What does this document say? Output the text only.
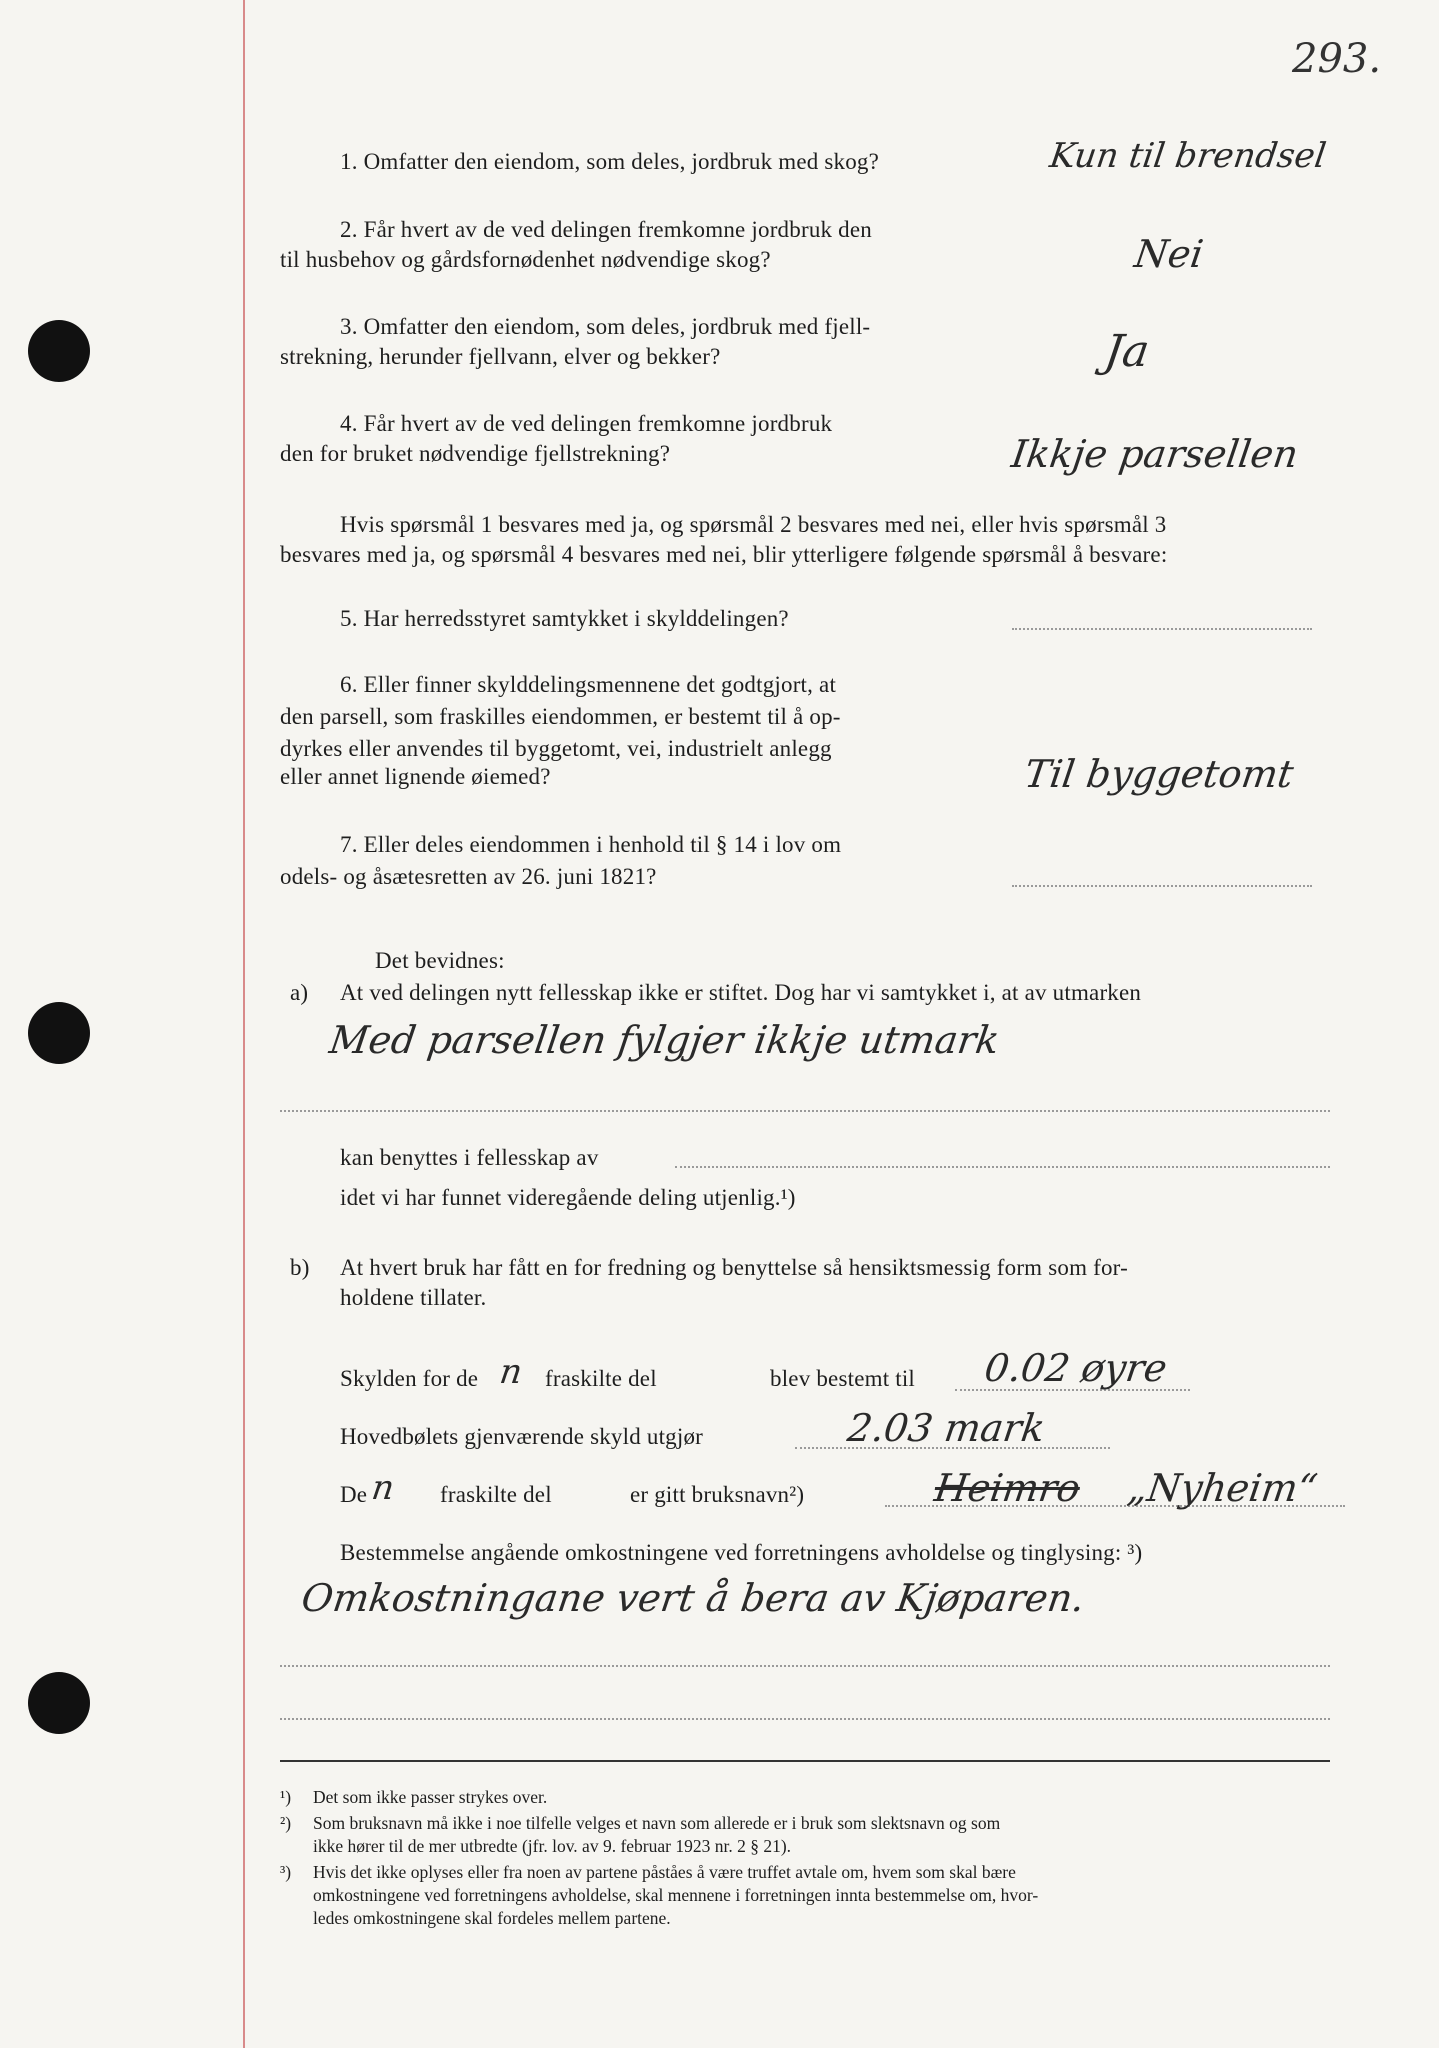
293.
1. Omfatter den eiendom, som deles, jordbruk med skog?	Kun til brendsel
2. Får hvert av de ved delingen fremkomne jordbruk den
til husbehov og gårdsfornødenhet nødvendige skog?	Nei
3. Omfatter den eiendom, som deles, jordbruk med fjell-
strekning, herunder fjellvann, elver og bekker?	Ja
4. Får hvert av de ved delingen fremkomne jordbruk
den for bruket nødvendige fjellstrekning?	Ikkje parsellen
Hvis spørsmål 1 besvares med ja, og spørsmål 2 besvares med nei, eller hvis spørsmål 3
besvares med ja, og spørsmål 4 besvares med nei, blir ytterligere følgende spørsmål å besvare:
5. Har herredsstyret samtykket i skylddelingen?
6. Eller finner skylddelingsmennene det godtgjort, at
den parsell, som fraskilles eiendommen, er bestemt til å op-
dyrkes eller anvendes til byggetomt, vei, industrielt anlegg
eller annet lignende øiemed?	Til byggetomt
7. Eller deles eiendommen i henhold til § 14 i lov om
odels- og åsætesretten av 26. juni 1821?
Det bevidnes:
a) At ved delingen nytt fellesskap ikke er stiftet. Dog har vi samtykket i, at av utmarken
Med parsellen fylgjer ikkje utmark
kan benyttes i fellesskap av
idet vi har funnet videregående deling utjenlig.¹)
b) At hvert bruk har fått en for fredning og benyttelse så hensiktsmessig form som for-
holdene tillater.
Skylden for de n fraskilte del	blev bestemt til 0.02 øyre
Hovedbølets gjenværende skyld utgjør	2.03 mark
De n fraskilte del	er gitt bruksnavn²)	Heimro „Nyheim“
Bestemmelse angående omkostningene ved forretningens avholdelse og tinglysing: ³)
Omkostningane vert å bera av Kjøparen.
¹) Det som ikke passer strykes over.
²) Som bruksnavn må ikke i noe tilfelle velges et navn som allerede er i bruk som slektsnavn og som
ikke hører til de mer utbredte (jfr. lov. av 9. februar 1923 nr. 2 § 21).
³) Hvis det ikke oplyses eller fra noen av partene påståes å være truffet avtale om, hvem som skal bære
omkostningene ved forretningens avholdelse, skal mennene i forretningen innta bestemmelse om, hvor-
ledes omkostningene skal fordeles mellem partene.
